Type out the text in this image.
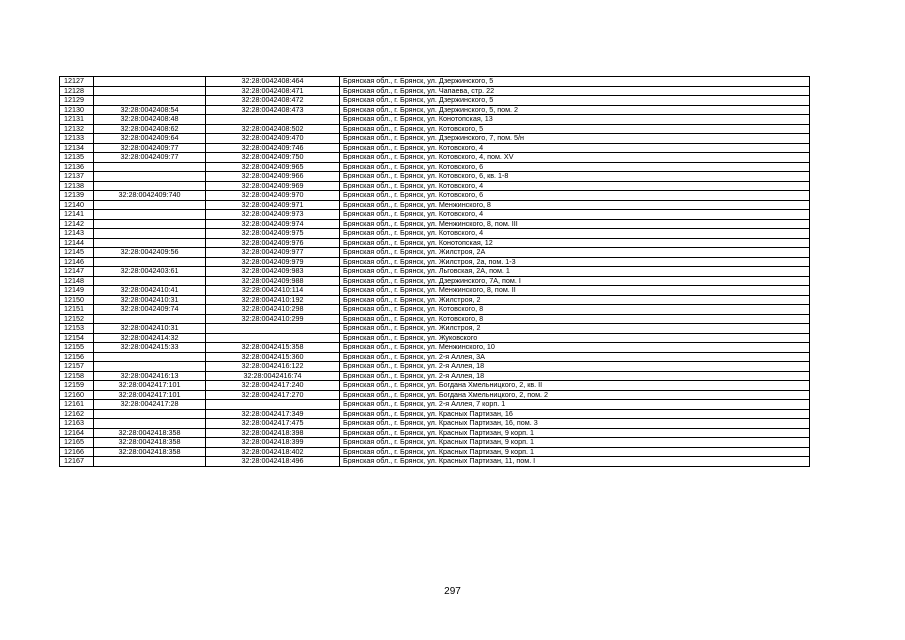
12127		32:28:0042408:464	Брянская обл., г. Брянск, ул. Дзержинского, 5
12128		32:28:0042408:471	Брянская обл., г. Брянск, ул. Чапаева, стр. 22
12129		32:28:0042408:472	Брянская обл., г. Брянск, ул. Дзержинского, 5
12130	32:28:0042408:54	32:28:0042408:473	Брянская обл., г. Брянск, ул. Дзержинского, 5, пом. 2
12131	32:28:0042408:48		Брянская обл., г. Брянск, ул. Конотопская, 13
12132	32:28:0042408:62	32:28:0042408:502	Брянская обл., г. Брянск, ул. Котовского, 5
12133	32:28:0042409:64	32:28:0042409:470	Брянская обл., г. Брянск, ул. Дзержинского, 7, пом. 5/н
12134	32:28:0042409:77	32:28:0042409:746	Брянская обл., г. Брянск, ул. Котовского, 4
12135	32:28:0042409:77	32:28:0042409:750	Брянская обл., г. Брянск, ул. Котовского, 4, пом. XV
12136		32:28:0042409:965	Брянская обл., г. Брянск, ул. Котовского, 6
12137		32:28:0042409:966	Брянская обл., г. Брянск, ул. Котовского, 6, кв. 1-8
12138		32:28:0042409:969	Брянская обл., г. Брянск, ул. Котовского, 4
12139	32:28:0042409:740	32:28:0042409:970	Брянская обл., г. Брянск, ул. Котовского, 6
12140		32:28:0042409:971	Брянская обл., г. Брянск, ул. Менжинского, 8
12141		32:28:0042409:973	Брянская обл., г. Брянск, ул. Котовского, 4
12142		32:28:0042409:974	Брянская обл., г. Брянск, ул. Менжинского, 8, пом. III
12143		32:28:0042409:975	Брянская обл., г. Брянск, ул. Котовского, 4
12144		32:28:0042409:976	Брянская обл., г. Брянск, ул. Конотопская, 12
12145	32:28:0042409:56	32:28:0042409:977	Брянская обл., г. Брянск, ул. Жилстроя, 2А
12146		32:28:0042409:979	Брянская обл., г. Брянск, ул. Жилстроя, 2а, пом. 1-3
12147	32:28:0042403:61	32:28:0042409:983	Брянская обл., г. Брянск, ул. Льговская, 2А, пом. 1
12148		32:28:0042409:988	Брянская обл., г. Брянск, ул. Дзержинского, 7А, пом. I
12149	32:28:0042410:41	32:28:0042410:114	Брянская обл., г. Брянск, ул. Менжинского, 8, пом. II
12150	32:28:0042410:31	32:28:0042410:192	Брянская обл., г. Брянск, ул. Жилстроя, 2
12151	32:28:0042409:74	32:28:0042410:298	Брянская обл., г. Брянск, ул. Котовского, 8
12152		32:28:0042410:299	Брянская обл., г. Брянск, ул. Котовского, 8
12153	32:28:0042410:31		Брянская обл., г. Брянск, ул. Жилстроя, 2
12154	32:28:0042414:32		Брянская обл., г. Брянск, ул. Жуковского
12155	32:28:0042415:33	32:28:0042415:358	Брянская обл., г. Брянск, ул. Менжинского, 10
12156		32:28:0042415:360	Брянская обл., г. Брянск, ул. 2-я Аллея, 3А
12157		32:28:0042416:122	Брянская обл., г. Брянск, ул. 2-я Аллея, 18
12158	32:28:0042416:13	32:28:0042416:74	Брянская обл., г. Брянск, ул. 2-я Аллея, 18
12159	32:28:0042417:101	32:28:0042417:240	Брянская обл., г. Брянск, ул. Богдана Хмельницкого, 2, кв. II
12160	32:28:0042417:101	32:28:0042417:270	Брянская обл., г. Брянск, ул. Богдана Хмельницкого, 2, пом. 2
12161	32:28:0042417:28		Брянская обл., г. Брянск, ул. 2-я Аллея, 7 корп. 1
12162		32:28:0042417:349	Брянская обл., г. Брянск, ул. Красных Партизан, 16
12163		32:28:0042417:475	Брянская обл., г. Брянск, ул. Красных Партизан, 16, пом. 3
12164	32:28:0042418:358	32:28:0042418:398	Брянская обл., г. Брянск, ул. Красных Партизан, 9 корп. 1
12165	32:28:0042418:358	32:28:0042418:399	Брянская обл., г. Брянск, ул. Красных Партизан, 9 корп. 1
12166	32:28:0042418:358	32:28:0042418:402	Брянская обл., г. Брянск, ул. Красных Партизан, 9 корп. 1
12167		32:28:0042418:496	Брянская обл., г. Брянск, ул. Красных Партизан, 11, пом. I
297
